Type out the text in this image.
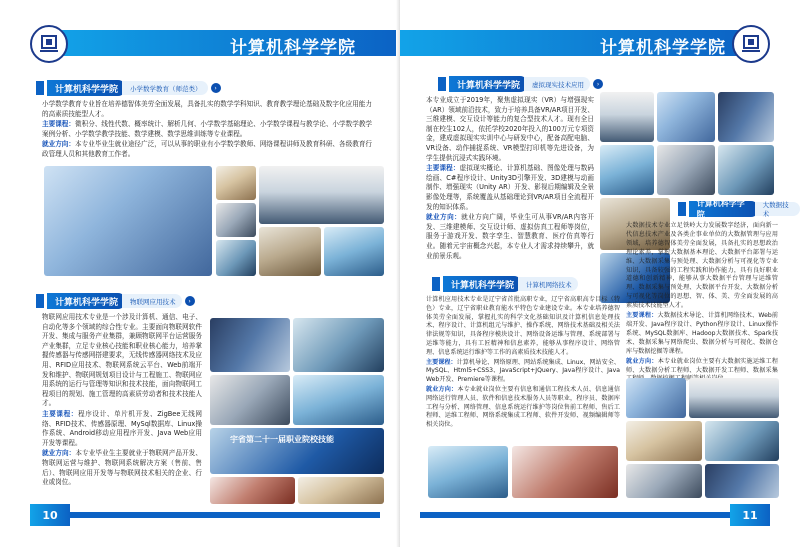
计算机科学学院
计算机科学学院	小学数学教育（师范类）	›

小学数学教育专业旨在培养德智体美劳全面发展，具备扎实的数学学科知识、教育教学理论基础及数字化应用能力的高素质技能型人才。

主要课程：微积分、线性代数、概率统计、解析几何、小学数学基础理论、小学数学课程与教学论、小学数学教学案例分析、小学数学教学技能、数学建模、数学思维训练等专业课程。

就业方向：本专业毕业生就业途径广泛，可以从事的职业有小学数学教师、网络课程讲师及教育科研、各级教育行政管理人员和其他教育工作者。

计算机科学学院	物联网应用技术	›

物联网应用技术专业是一个涉及计算机、通信、电子、自动化等多个领域的综合性专业。主要面向物联网软件开发、集成与服务产业集群，兼顾物联网平台运营服务产业集群，立足专业核心技能和职业核心能力，培养掌握传感器与传感网搭建要求，无线传感器网络技术及应用、RFID应用技术、物联网系统云平台、Web前端开发和维护、物联网规划项目设计与工程施工、物联网应用系统的运行与管理等知识和技术技能，面向物联网工程项目的规划、施工管理的高素质劳动者和技术技能人才。

主要课程：程序设计、单片机开发、ZigBee无线网络、RFID技术、传感器原理、MySql数据库、Linux操作系统、Android移动应用程序开发、Java Web应用开发等课程。

就业方向：本专业毕业生主要就业于物联网产品开发、物联网运营与维护、物联网系统解决方案（售前、售后）、物联网应用开发等与物联网技术相关的企业、行业或岗位。

宇省第二十一届职业院校技能
10
计算机科学学院
计算机科学学院	虚拟现实技术应用	›

本专业成立于2019年，聚焦虚拟现实（VR）与增强现实（AR）领域前沿技术，致力于培养具备VR/AR项目开发、三维建模、交互设计等能力的复合型技术人才。现有全日制在校生102人，依托学校2020年投入的100万元专项资金，建成虚拟现实实训中心与研发中心，配备高配电脑、VR设备、动作捕捉系统、VR模型打印机等先进设备，为学生提供沉浸式实践环境。

主要课程：虚拟现实概论、计算机基础、图像处理与数码绘画、C#程序设计、Unity3D引擎开发、3D建模与动画制作、增强现实（Unity AR）开发、影视后期编辑及全景影像处理等，系统覆盖从基础理论到VR/AR项目全流程开发的知识体系。

就业方向：就业方向广阔，毕业生可从事VR/AR内容开发、三维建模师、交互设计师、虚拟仿真工程师等岗位，服务于游戏开发、数字孪生、智慧教育、医疗仿真等行业。随着元宇宙概念兴起，本专业人才需求持续攀升，就业前景乐观。

计算机科学学院
大数据技术

大数据技术专业立足铁岭大力发展数字经济，面向新一代信息技术产业及各类企事业单位的大数据管理与应用领域，培养德智体美劳全面发展，具备扎实的思想政治理论素养，掌握大数据基本理论、大数据平台部署与运维、大数据采集与预处理、大数据分析与可视化等专业知识，具备较强的工程实践和协作能力，具有良好职业道德和创新精神，能够从事大数据平台管理与运维管理、数据采集与预处理、大数据平台开发、大数据分析与可视化等岗位的思想、智、体、美、劳全面发展的高素质技术技能型人才。

主要课程：大数据技术导论、计算机网络技术、Web前端开发、Java程序设计、Python程序设计、Linux操作系统、MySQL数据库、Hadoop大数据技术、Spark技术、数据采集与网络爬虫、数据分析与可视化、数据仓库与数据挖掘等课程。

就业方向：本专业就业岗位主要有大数据实施运维工程师、大数据分析工程师、大数据开发工程师、数据采集 程师

计算机科学学院	计算机网络技术

计算机应用技术专业是辽宁省首批高职专业，辽宁省高职高专目标（特色）专业，辽宁省职业教育能水平特色专业建设专业。本专业培养德智体美劳全面发展，掌握扎实的科学文化基础知识及计算机信息处理技术、程序设计、计算机组元与维护、操作系统、网络技术基础及相关法律法规等知识，具备程序模块设计、网络设备运维与管理、系统部署与运维等能力，具有工匠精神和信息素养，能够从事程序设计、网络管理、信息系统运行维护等工作的高素质技术技能人才。

主要课程：计算机导论、网络原理、网站系统集成、Linux、网站安全、MySQL、Html5+CSS3、JavaScript+JQuery、Java程序设计、Java Web开发、Premiere等课程。

就业方向：本专业就业岗位主要有信息和通信工程技术人员、信息通信网络运行管理人员、软件和信息技术服务人员等职业，程序员、数据库工程与分析、网络管理、信息系统运行维护等岗位售前工程师、售后工程师、运维工程师、网络系统集成工程师、软件开发师、视频编辑师等相关岗位。

11
